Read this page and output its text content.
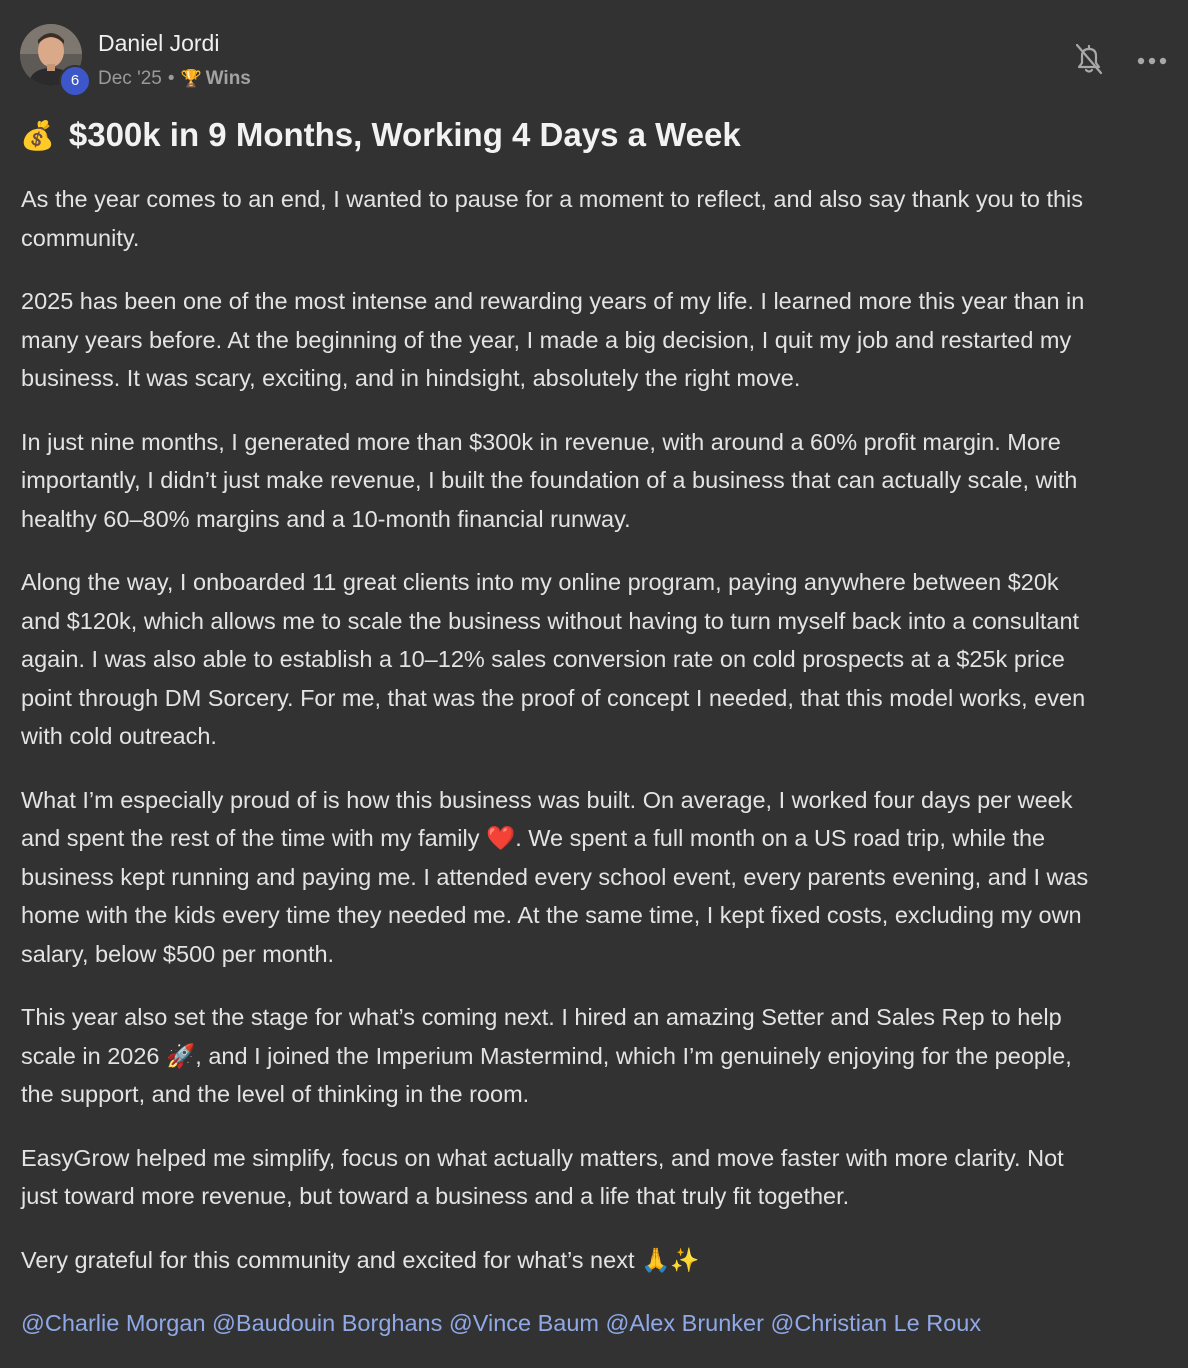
6
Daniel Jordi
Dec '25 • 🏆 Wins
💰 $300k in 9 Months, Working 4 Days a Week

As the year comes to an end, I wanted to pause for a moment to reflect, and also say thank you to this
community.

2025 has been one of the most intense and rewarding years of my life. I learned more this year than in
many years before. At the beginning of the year, I made a big decision, I quit my job and restarted my
business. It was scary, exciting, and in hindsight, absolutely the right move.

In just nine months, I generated more than $300k in revenue, with around a 60% profit margin. More
importantly, I didn’t just make revenue, I built the foundation of a business that can actually scale, with
healthy 60–80% margins and a 10-month financial runway.

Along the way, I onboarded 11 great clients into my online program, paying anywhere between $20k
and $120k, which allows me to scale the business without having to turn myself back into a consultant
again. I was also able to establish a 10–12% sales conversion rate on cold prospects at a $25k price
point through DM Sorcery. For me, that was the proof of concept I needed, that this model works, even
with cold outreach.

What I’m especially proud of is how this business was built. On average, I worked four days per week
and spent the rest of the time with my family ❤️. We spent a full month on a US road trip, while the
business kept running and paying me. I attended every school event, every parents evening, and I was
home with the kids every time they needed me. At the same time, I kept fixed costs, excluding my own
salary, below $500 per month.

This year also set the stage for what’s coming next. I hired an amazing Setter and Sales Rep to help
scale in 2026 🚀, and I joined the Imperium Mastermind, which I’m genuinely enjoying for the people,
the support, and the level of thinking in the room.

EasyGrow helped me simplify, focus on what actually matters, and move faster with more clarity. Not
just toward more revenue, but toward a business and a life that truly fit together.

Very grateful for this community and excited for what’s next 🙏✨

@Charlie Morgan @Baudouin Borghans @Vince Baum @Alex Brunker @Christian Le Roux
